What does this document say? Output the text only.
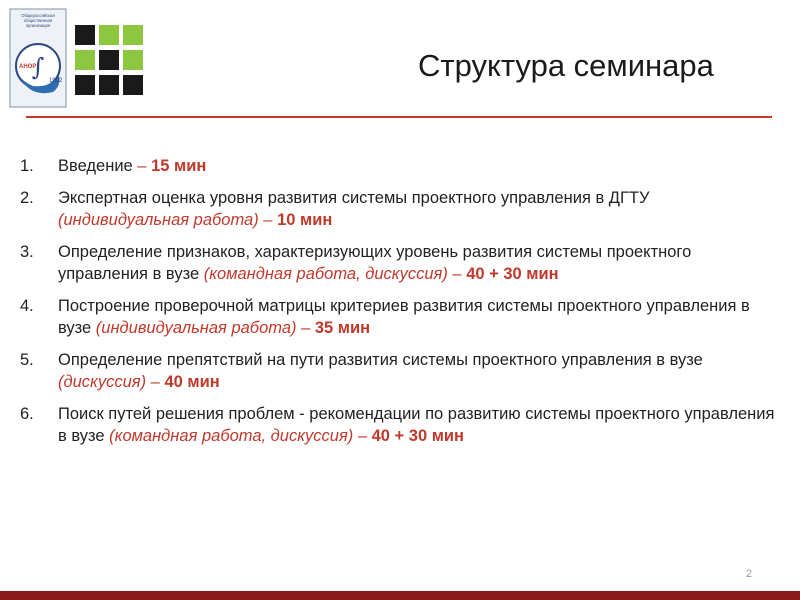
Общероссийская
общественная
организация
∫
АНОР
1992	Структура семинара
1. Введение – 15 мин
2. Экспертная оценка уровня развития системы проектного управления в ДГТУ (индивидуальная работа) – 10 мин
3. Определение признаков, характеризующих уровень развития системы проектного управления в вузе (командная работа, дискуссия) – 40 + 30 мин
4. Построение проверочной матрицы критериев развития системы проектного управления в вузе (индивидуальная работа) – 35 мин
5. Определение препятствий на пути развития системы проектного управления в вузе (дискуссия) – 40 мин
6. Поиск путей решения проблем - рекомендации по развитию системы проектного управления в вузе (командная работа, дискуссия) – 40 + 30 мин
2
